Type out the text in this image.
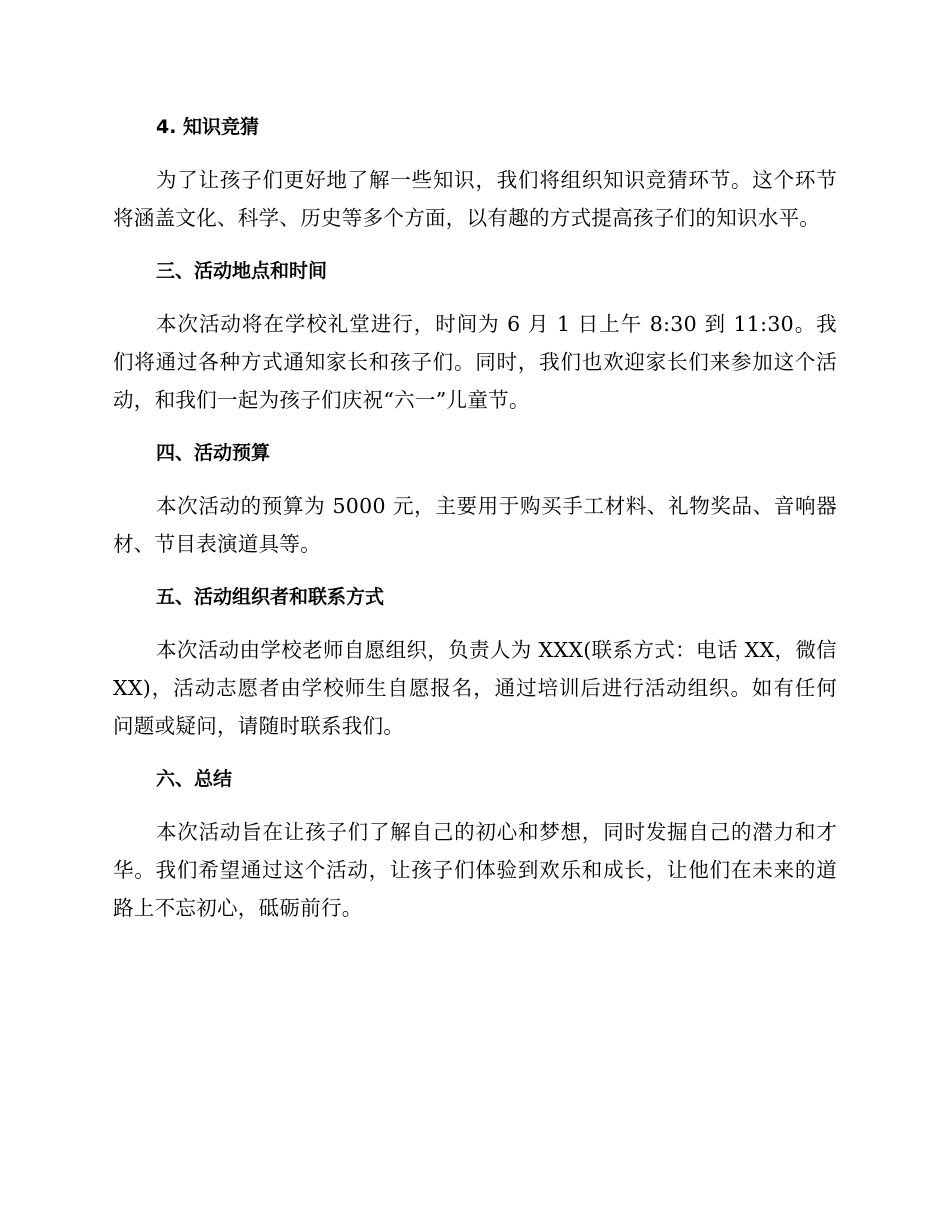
4. 知识竞猜

为了让孩子们更好地了解一些知识，我们将组织知识竞猜环节。这个环节将涵盖文化、科学、历史等多个方面，以有趣的方式提高孩子们的知识水平。

三、活动地点和时间

本次活动将在学校礼堂进行，时间为 6 月 1 日上午 8:30 到 11:30。我们将通过各种方式通知家长和孩子们。同时，我们也欢迎家长们来参加这个活动，和我们一起为孩子们庆祝“六一”儿童节。

四、活动预算

本次活动的预算为 5000 元，主要用于购买手工材料、礼物奖品、音响器材、节目表演道具等。

五、活动组织者和联系方式

本次活动由学校老师自愿组织，负责人为 XXX(联系方式：电话 XX，微信 XX)，活动志愿者由学校师生自愿报名，通过培训后进行活动组织。如有任何问题或疑问，请随时联系我们。

六、总结

本次活动旨在让孩子们了解自己的初心和梦想，同时发掘自己的潜力和才华。我们希望通过这个活动，让孩子们体验到欢乐和成长，让他们在未来的道路上不忘初心，砥砺前行。
